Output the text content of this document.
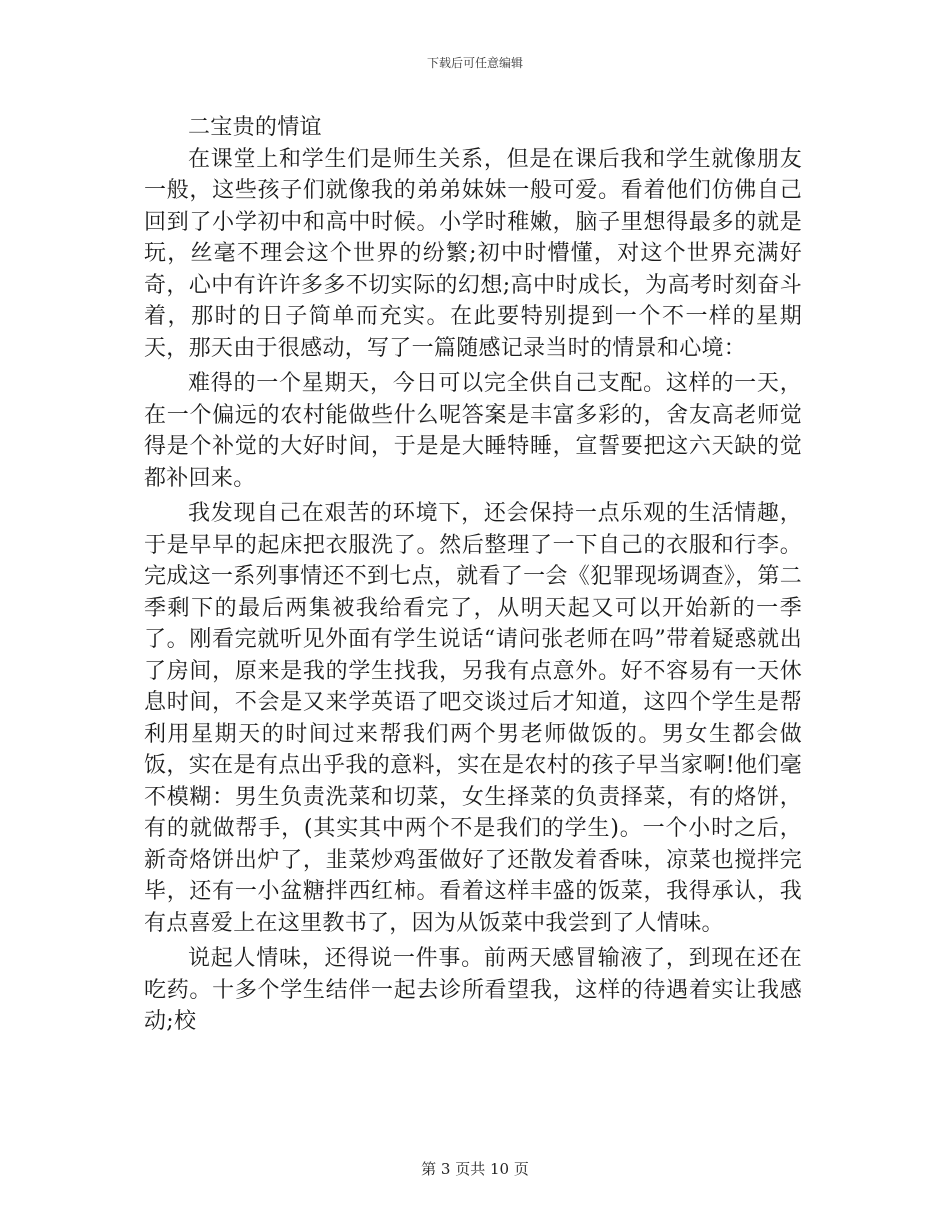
下载后可任意编辑

二宝贵的情谊

在课堂上和学生们是师生关系，但是在课后我和学生就像朋友一般，这些孩子们就像我的弟弟妹妹一般可爱。看着他们仿佛自己回到了小学初中和高中时候。小学时稚嫩，脑子里想得最多的就是玩，丝毫不理会这个世界的纷繁;初中时懵懂，对这个世界充满好奇，心中有许许多多不切实际的幻想;高中时成长，为高考时刻奋斗着，那时的日子简单而充实。在此要特别提到一个不一样的星期天，那天由于很感动，写了一篇随感记录当时的情景和心境：

难得的一个星期天，今日可以完全供自己支配。这样的一天，在一个偏远的农村能做些什么呢答案是丰富多彩的，舍友高老师觉得是个补觉的大好时间，于是是大睡特睡，宣誓要把这六天缺的觉都补回来。

我发现自己在艰苦的环境下，还会保持一点乐观的生活情趣，于是早早的起床把衣服洗了。然后整理了一下自己的衣服和行李。完成这一系列事情还不到七点，就看了一会《犯罪现场调查》，第二季剩下的最后两集被我给看完了，从明天起又可以开始新的一季了。刚看完就听见外面有学生说话“请问张老师在吗”带着疑惑就出了房间，原来是我的学生找我，另我有点意外。好不容易有一天休息时间，不会是又来学英语了吧交谈过后才知道，这四个学生是帮利用星期天的时间过来帮我们两个男老师做饭的。男女生都会做饭，实在是有点出乎我的意料，实在是农村的孩子早当家啊!他们毫不模糊：男生负责洗菜和切菜，女生择菜的负责择菜，有的烙饼，有的就做帮手，(其实其中两个不是我们的学生)。一个小时之后，新奇烙饼出炉了，韭菜炒鸡蛋做好了还散发着香味，凉菜也搅拌完毕，还有一小盆糖拌西红柿。看着这样丰盛的饭菜，我得承认，我有点喜爱上在这里教书了，因为从饭菜中我尝到了人情味。

说起人情味，还得说一件事。前两天感冒输液了，到现在还在吃药。十多个学生结伴一起去诊所看望我，这样的待遇着实让我感动;校

第 3 页共 10 页
